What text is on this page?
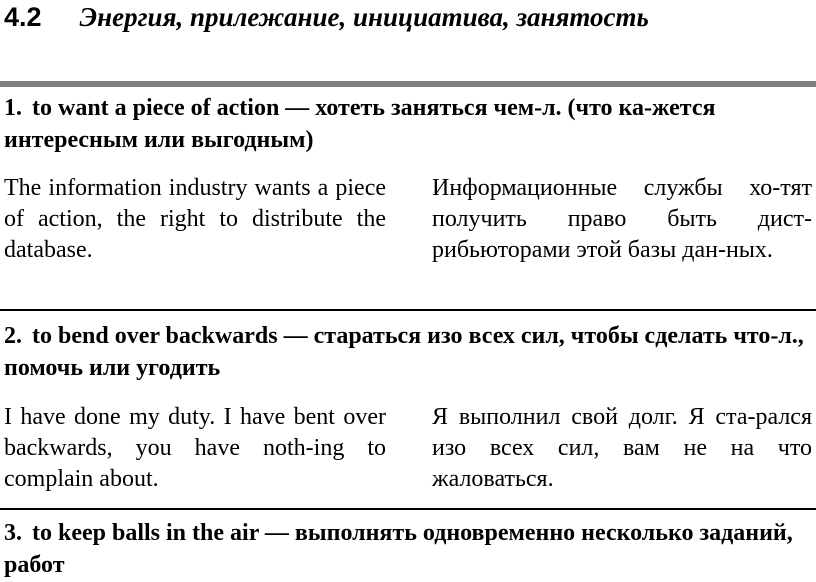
4.2 Энергия, прилежание, инициатива, занятость
1. to want a piece of action — хотеть заняться чем-л. (что ка-жется интересным или выгодным)
The information industry wants a piece of action, the right to distribute the database.
Информационные службы хо-тят получить право быть дист-рибьюторами этой базы дан-ных.
2. to bend over backwards — стараться изо всех сил, чтобы сделать что-л., помочь или угодить
I have done my duty. I have bent over backwards, you have noth-ing to complain about.
Я выполнил свой долг. Я ста-рался изо всех сил, вам не на что жаловаться.
3. to keep balls in the air — выполнять одновременно несколько заданий, работ
